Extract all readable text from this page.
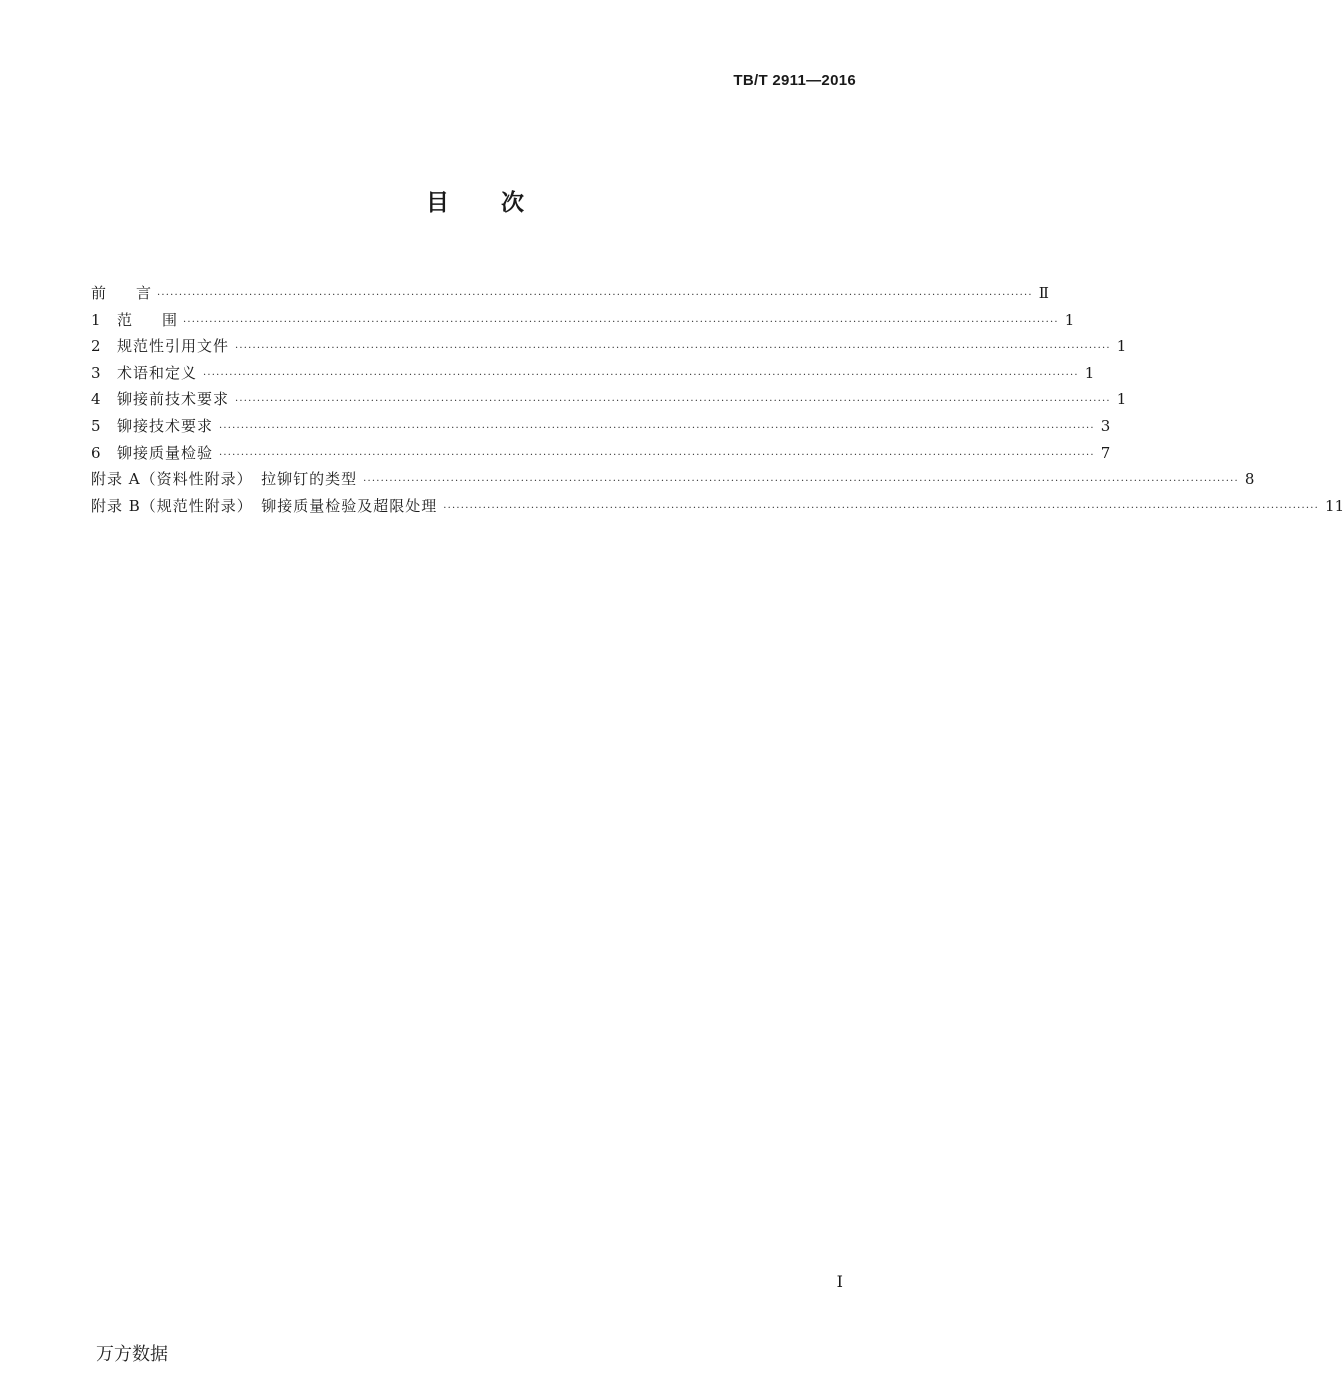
TB/T 2911—2016
目 次
前　　言 ········································································································································································································ Ⅱ
1	范　　围 ········································································································································································································ 1
2	规范性引用文件 ········································································································································································································ 1
3	术语和定义 ········································································································································································································ 1
4	铆接前技术要求 ········································································································································································································ 1
5	铆接技术要求 ········································································································································································································ 3
6	铆接质量检验 ········································································································································································································ 7
附录 A（资料性附录）　拉铆钉的类型 ········································································································································································································ 8
附录 B（规范性附录）　铆接质量检验及超限处理 ········································································································································································································ 11
I
万方数据
